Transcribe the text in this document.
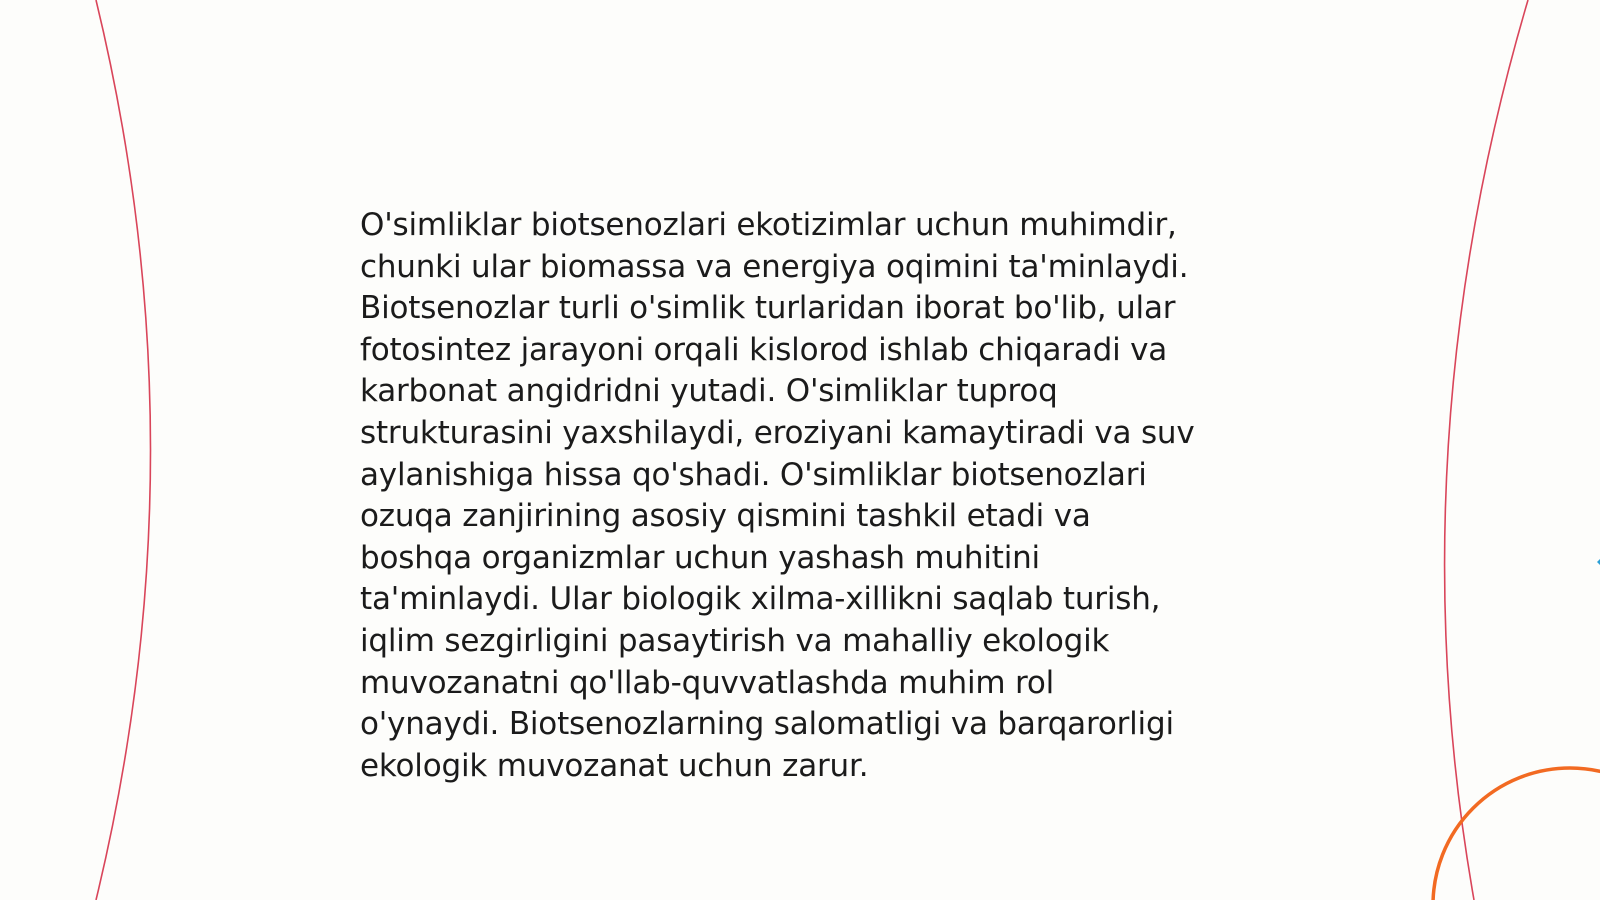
O'simliklar biotsenozlari ekotizimlar uchun muhimdir,
chunki ular biomassa va energiya oqimini ta'minlaydi.
Biotsenozlar turli o'simlik turlaridan iborat bo'lib, ular
fotosintez jarayoni orqali kislorod ishlab chiqaradi va
karbonat angidridni yutadi. O'simliklar tuproq
strukturasini yaxshilaydi, eroziyani kamaytiradi va suv
aylanishiga hissa qo'shadi. O'simliklar biotsenozlari
ozuqa zanjirining asosiy qismini tashkil etadi va
boshqa organizmlar uchun yashash muhitini
ta'minlaydi. Ular biologik xilma-xillikni saqlab turish,
iqlim sezgirligini pasaytirish va mahalliy ekologik
muvozanatni qo'llab-quvvatlashda muhim rol
o'ynaydi. Biotsenozlarning salomatligi va barqarorligi
ekologik muvozanat uchun zarur.
